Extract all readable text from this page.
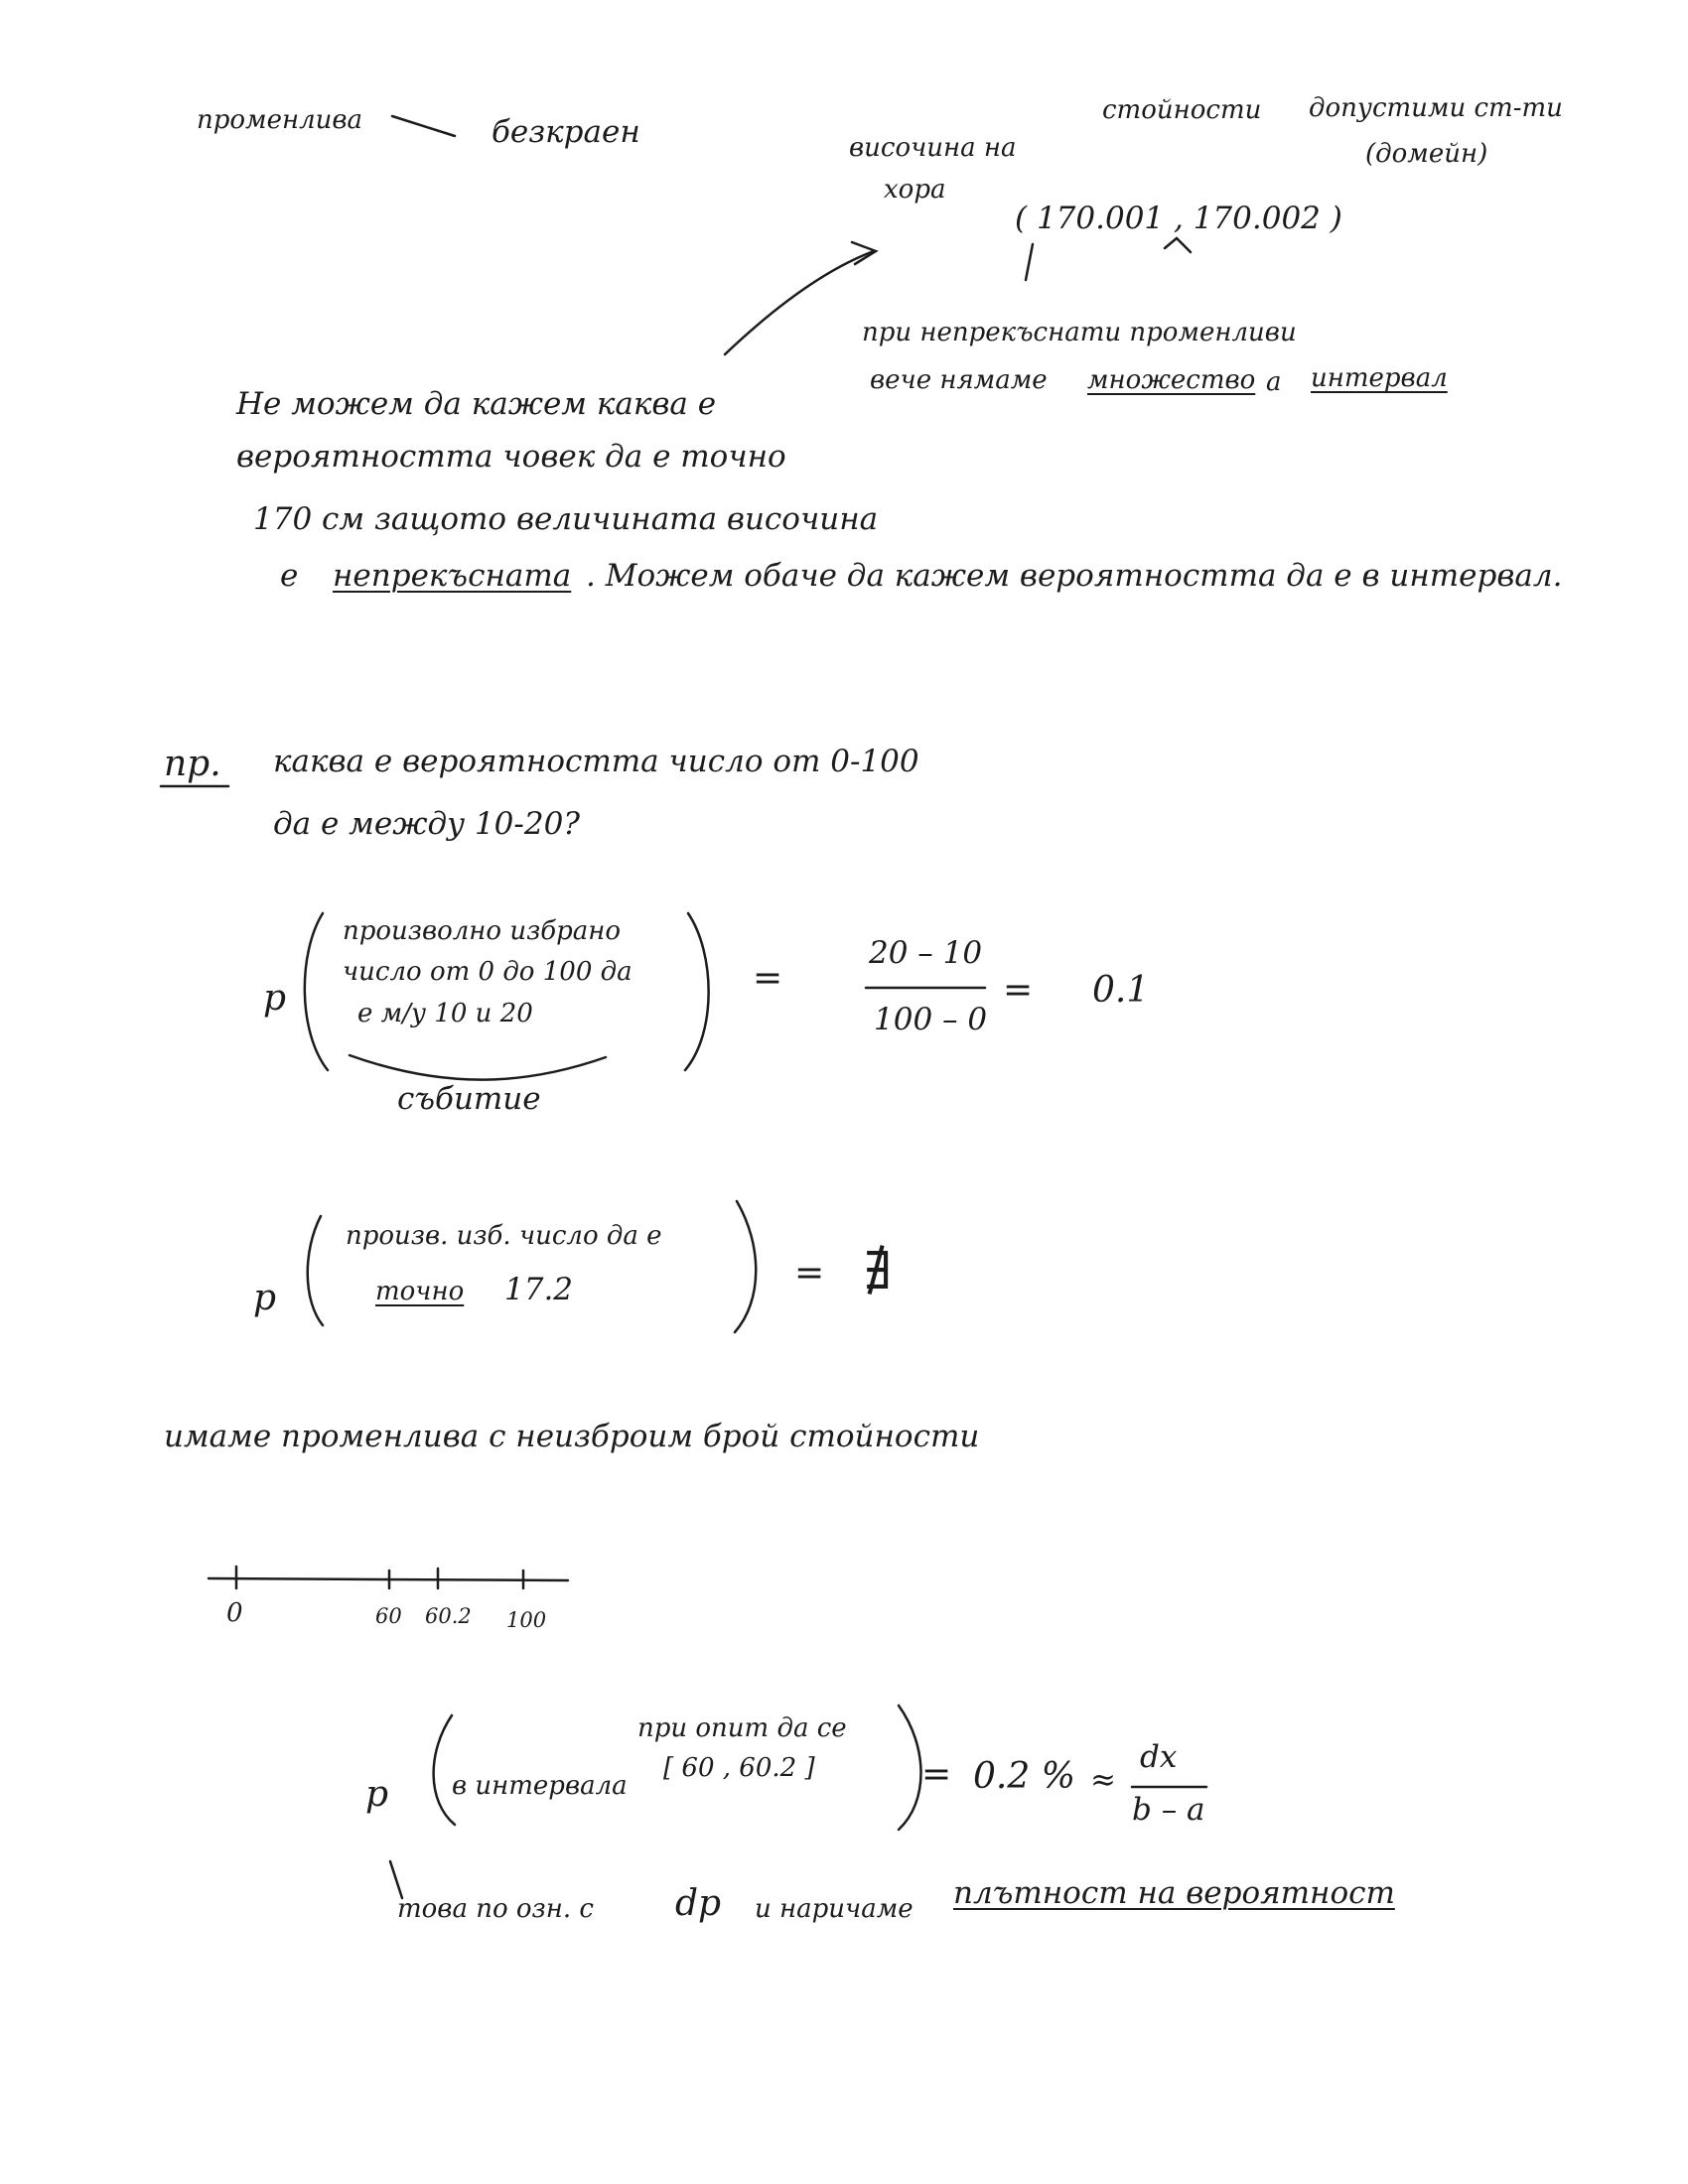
променлива	безкраен
стойности допустими ст-ти
(домейн)
височина на
хора
( 170.001 , 170.002 )
при непрекъснати променливи
вече нямаме множество а интервал
Не можем да кажем каква е
вероятността човек да е точно
170 см защото величината височина
е непрекъсната . Можем обаче да кажем вероятността да е в интервал.
пр. каква е вероятността число от 0-100
да е между 10-20?
p
произволно избрано
число от 0 до 100 да
е м/у 10 и 20
=
20 – 10
100 – 0
= 0.1
събитие
p
произв. изб. число да е
точно 17.2	= ∄
имаме променлива с неизброим брой стойности
0	60 60.2 100
p в интервала
при опит да се
[ 60 , 60.2 ]	= 0.2 % ≈
dx
b – a
това по озн. с dp и наричаме плътност на вероятност
